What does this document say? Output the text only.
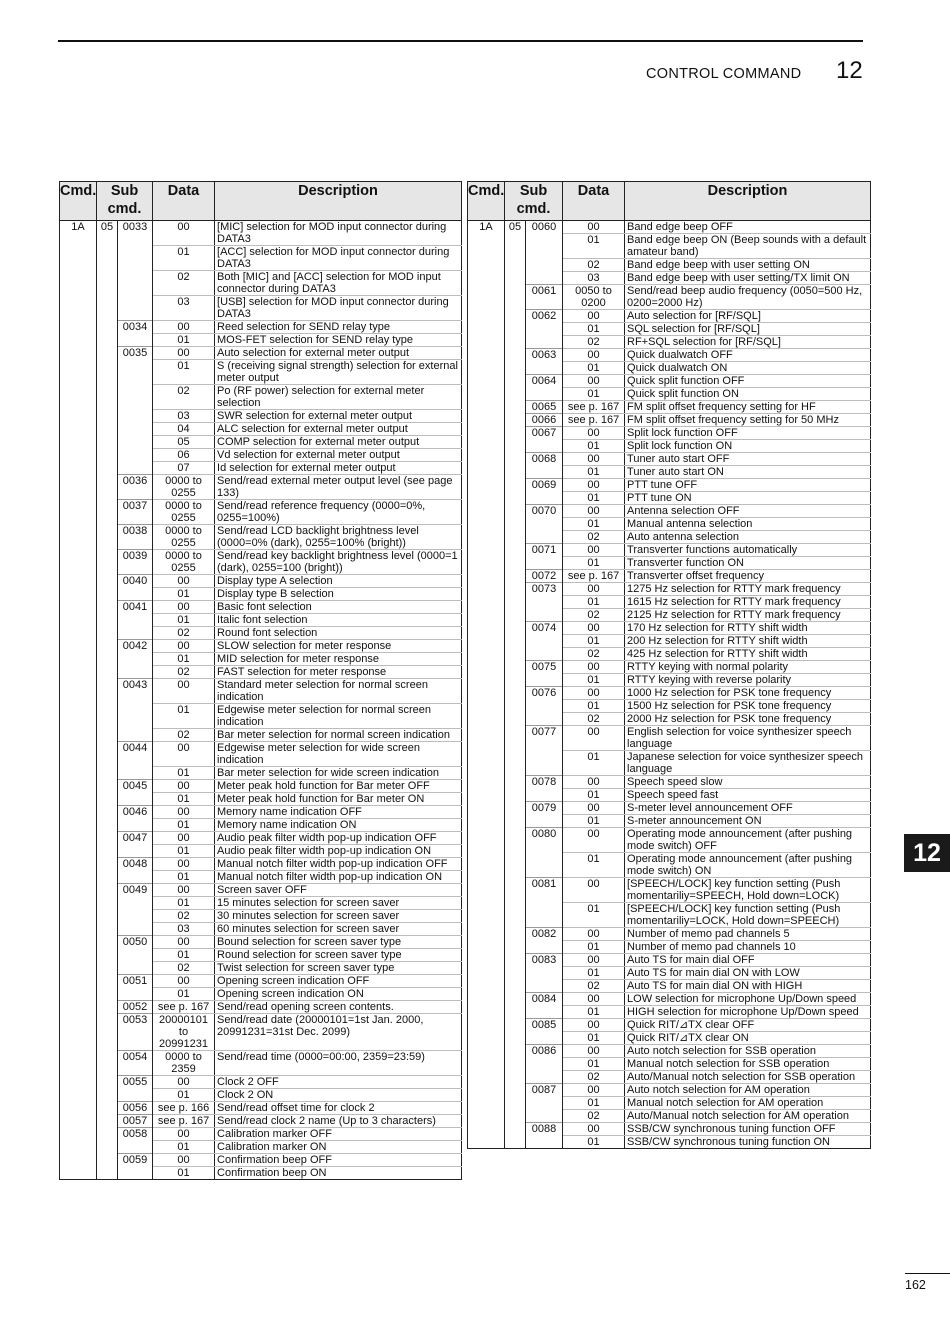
CONTROL COMMAND 12
Cmd.	Sub cmd.		Data	Description
1A	05	0033	00	[MIC] selection for MOD input connector during DATA3
			01	[ACC] selection for MOD input connector during DATA3
			02	Both [MIC] and [ACC] selection for MOD input connector during DATA3
			03	[USB] selection for MOD input connector during DATA3
		0034	00	Reed selection for SEND relay type
			01	MOS-FET selection for SEND relay type
		0035	00	Auto selection for external meter output
			01	S (receiving signal strength) selection for external meter output
			02	Po (RF power) selection for external meter selection
			03	SWR selection for external meter output
			04	ALC selection for external meter output
			05	COMP selection for external meter output
			06	Vd selection for external meter output
			07	Id selection for external meter output
		0036	0000 to 0255	Send/read external meter output level (see page 133)
		0037	0000 to 0255	Send/read reference frequency (0000=0%, 0255=100%)
		0038	0000 to 0255	Send/read LCD backlight brightness level (0000=0% (dark), 0255=100% (bright))
		0039	0000 to 0255	Send/read key backlight brightness level (0000=1 (dark), 0255=100 (bright))
		0040	00	Display type A selection
			01	Display type B selection
		0041	00	Basic font selection
			01	Italic font selection
			02	Round font selection
		0042	00	SLOW selection for meter response
			01	MID selection for meter response
			02	FAST selection for meter response
		0043	00	Standard meter selection for normal screen indication
			01	Edgewise meter selection for normal screen indication
			02	Bar meter selection for normal screen indication
		0044	00	Edgewise meter selection for wide screen indication
			01	Bar meter selection for wide screen indication
		0045	00	Meter peak hold function for Bar meter OFF
			01	Meter peak hold function for Bar meter ON
		0046	00	Memory name indication OFF
			01	Memory name indication ON
		0047	00	Audio peak filter width pop-up indication OFF
			01	Audio peak filter width pop-up indication ON
		0048	00	Manual notch filter width pop-up indication OFF
			01	Manual notch filter width pop-up indication ON
		0049	00	Screen saver OFF
			01	15 minutes selection for screen saver
			02	30 minutes selection for screen saver
			03	60 minutes selection for screen saver
		0050	00	Bound selection for screen saver type
			01	Round selection for screen saver type
			02	Twist selection for screen saver type
		0051	00	Opening screen indication OFF
			01	Opening screen indication ON
		0052	see p. 167	Send/read opening screen contents.
		0053	20000101 to 20991231	Send/read date (20000101=1st Jan. 2000, 20991231=31st Dec. 2099)
		0054	0000 to 2359	Send/read time (0000=00:00, 2359=23:59)
		0055	00	Clock 2 OFF
			01	Clock 2 ON
		0056	see p. 166	Send/read offset time for clock 2
		0057	see p. 167	Send/read clock 2 name (Up to 3 characters)
		0058	00	Calibration marker OFF
			01	Calibration marker ON
		0059	00	Confirmation beep OFF
			01	Confirmation beep ON
Cmd.	Sub cmd.		Data	Description
1A	05	0060	00	Band edge beep OFF
			01	Band edge beep ON (Beep sounds with a default amateur band)
			02	Band edge beep with user setting ON
			03	Band edge beep with user setting/TX limit ON
		0061	0050 to 0200	Send/read beep audio frequency (0050=500 Hz, 0200=2000 Hz)
		0062	00	Auto selection for [RF/SQL]
			01	SQL selection for [RF/SQL]
			02	RF+SQL selection for [RF/SQL]
		0063	00	Quick dualwatch OFF
			01	Quick dualwatch ON
		0064	00	Quick split function OFF
			01	Quick split function ON
		0065	see p. 167	FM split offset frequency setting for HF
		0066	see p. 167	FM split offset frequency setting for 50 MHz
		0067	00	Split lock function OFF
			01	Split lock function ON
		0068	00	Tuner auto start OFF
			01	Tuner auto start ON
		0069	00	PTT tune OFF
			01	PTT tune ON
		0070	00	Antenna selection OFF
			01	Manual antenna selection
			02	Auto antenna selection
		0071	00	Transverter functions automatically
			01	Transverter function ON
		0072	see p. 167	Transverter offset frequency
		0073	00	1275 Hz selection for RTTY mark frequency
			01	1615 Hz selection for RTTY mark frequency
			02	2125 Hz selection for RTTY mark frequency
		0074	00	170 Hz selection for RTTY shift width
			01	200 Hz selection for RTTY shift width
			02	425 Hz selection for RTTY shift width
		0075	00	RTTY keying with normal polarity
			01	RTTY keying with reverse polarity
		0076	00	1000 Hz selection for PSK tone frequency
			01	1500 Hz selection for PSK tone frequency
			02	2000 Hz selection for PSK tone frequency
		0077	00	English selection for voice synthesizer speech language
			01	Japanese selection for voice synthesizer speech language
		0078	00	Speech speed slow
			01	Speech speed fast
		0079	00	S-meter level announcement OFF
			01	S-meter announcement ON
		0080	00	Operating mode announcement (after pushing mode switch) OFF
			01	Operating mode announcement (after pushing mode switch) ON
		0081	00	[SPEECH/LOCK] key function setting (Push momentariliy=SPEECH, Hold down=LOCK)
			01	[SPEECH/LOCK] key function setting (Push momentariliy=LOCK, Hold down=SPEECH)
		0082	00	Number of memo pad channels 5
			01	Number of memo pad channels 10
		0083	00	Auto TS for main dial OFF
			01	Auto TS for main dial ON with LOW
			02	Auto TS for main dial ON with HIGH
		0084	00	LOW selection for microphone Up/Down speed
			01	HIGH selection for microphone Up/Down speed
		0085	00	Quick RIT/⊿TX clear OFF
			01	Quick RIT/⊿TX clear ON
		0086	00	Auto notch selection for SSB operation
			01	Manual notch selection for SSB operation
			02	Auto/Manual notch selection for SSB operation
		0087	00	Auto notch selection for AM operation
			01	Manual notch selection for AM operation
			02	Auto/Manual notch selection for AM operation
		0088	00	SSB/CW synchronous tuning function OFF
			01	SSB/CW synchronous tuning function ON
12
162
